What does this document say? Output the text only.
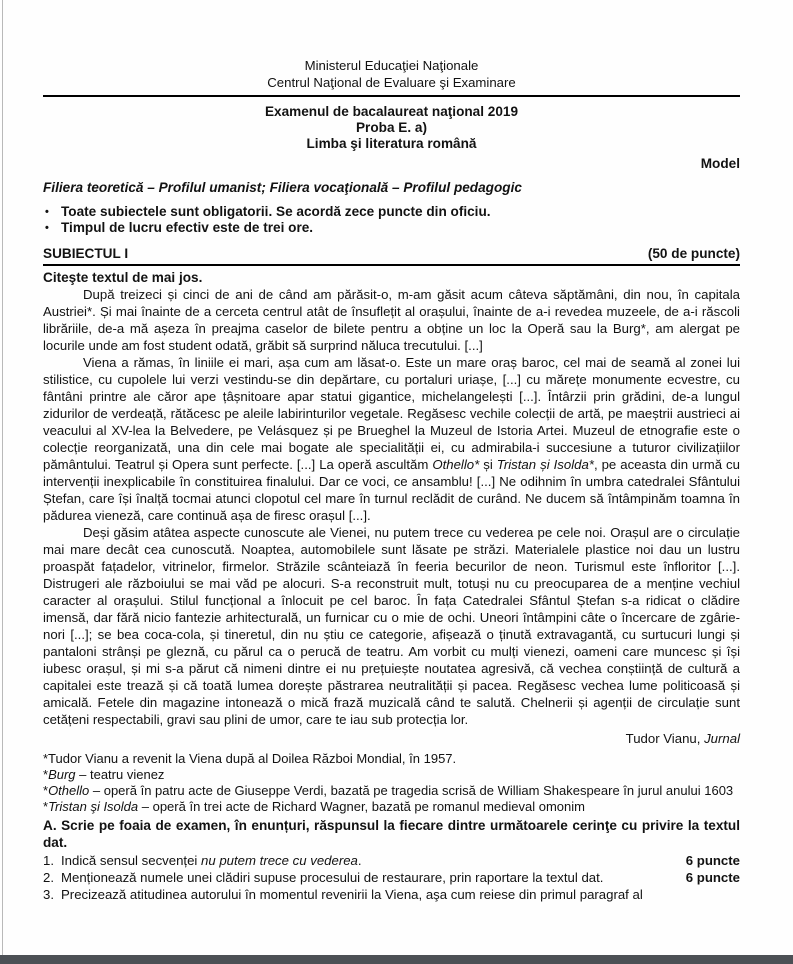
Ministerul Educaţiei Naţionale
Centrul Naţional de Evaluare şi Examinare
Examenul de bacalaureat naţional 2019
Proba E. a)
Limba şi literatura română
Model
Filiera teoretică – Profilul umanist; Filiera vocaţională – Profilul pedagogic
• Toate subiectele sunt obligatorii. Se acordă zece puncte din oficiu.
• Timpul de lucru efectiv este de trei ore.
SUBIECTUL I	(50 de puncte)
Citeşte textul de mai jos.

După treizeci și cinci de ani de când am părăsit-o, m-am găsit acum câteva săptămâni, din nou, în capitala Austriei*. Și mai înainte de a cerceta centrul atât de însuflețit al orașului, înainte de a-i revedea muzeele, de a-i răscoli librăriile, de-a mă așeza în preajma caselor de bilete pentru a obține un loc la Operă sau la Burg*, am alergat pe locurile unde am fost student odată, grăbit să surprind năluca trecutului. [...]

Viena a rămas, în liniile ei mari, așa cum am lăsat-o. Este un mare oraș baroc, cel mai de seamă al zonei lui stilistice, cu cupolele lui verzi vestindu-se din depărtare, cu portaluri uriașe, [...] cu mărețe monumente ecvestre, cu fântâni printre ale căror ape țâșnitoare apar statui gigantice, michelangelești [...]. Întârzii prin grădini, de-a lungul zidurilor de verdeață, rătăcesc pe aleile labirinturilor vegetale. Regăsesc vechile colecții de artă, pe maeștrii austrieci ai veacului al XV-lea la Belvedere, pe Velásquez și pe Brueghel la Muzeul de Istoria Artei. Muzeul de etnografie este o colecție reorganizată, una din cele mai bogate ale specialității ei, cu admirabila-i succesiune a tuturor civilizațiilor pământului. Teatrul și Opera sunt perfecte. [...] La operă ascultăm Othello* și Tristan și Isolda*, pe aceasta din urmă cu intervenții inexplicabile în constituirea finalului. Dar ce voci, ce ansamblu! [...] Ne odihnim în umbra catedralei Sfântului Ștefan, care își înalță tocmai atunci clopotul cel mare în turnul reclădit de curând. Ne ducem să întâmpinăm toamna în pădurea vieneză, care continuă așa de firesc orașul [...].

Deși găsim atâtea aspecte cunoscute ale Vienei, nu putem trece cu vederea pe cele noi. Orașul are o circulație mai mare decât cea cunoscută. Noaptea, automobilele sunt lăsate pe străzi. Materialele plastice noi dau un lustru proaspăt fațadelor, vitrinelor, firmelor. Străzile scânteiază în feeria becurilor de neon. Turismul este înfloritor [...]. Distrugeri ale războiului se mai văd pe alocuri. S-a reconstruit mult, totuși nu cu preocuparea de a menține vechiul caracter al orașului. Stilul funcțional a înlocuit pe cel baroc. În fața Catedralei Sfântul Ștefan s-a ridicat o clădire imensă, dar fără nicio fantezie arhitecturală, un furnicar cu o mie de ochi. Uneori întâmpini câte o încercare de zgârie-nori [...]; se bea coca-cola, și tineretul, din nu știu ce categorie, afișează o ținută extravagantă, cu surtucuri lungi și pantaloni strânși pe gleznă, cu părul ca o perucă de teatru. Am vorbit cu mulți vienezi, oameni care muncesc și își iubesc orașul, și mi s-a părut că nimeni dintre ei nu prețuiește noutatea agresivă, că vechea conștiință de cultură a capitalei este trează și că toată lumea dorește păstrarea neutralității și pacea. Regăsesc vechea lume politicoasă și amicală. Fetele din magazine intonează o mică frază muzicală când te salută. Chelnerii și agenții de circulație sunt cetățeni respectabili, gravi sau plini de umor, care te iau sub protecția lor.

Tudor Vianu, Jurnal
*Tudor Vianu a revenit la Viena după al Doilea Război Mondial, în 1957.
*Burg – teatru vienez
*Othello – operă în patru acte de Giuseppe Verdi, bazată pe tragedia scrisă de William Shakespeare în jurul anului 1603
*Tristan şi Isolda – operă în trei acte de Richard Wagner, bazată pe romanul medieval omonim
A. Scrie pe foaia de examen, în enunțuri, răspunsul la fiecare dintre următoarele cerinţe cu privire la textul dat.
1. Indică sensul secvenței nu putem trece cu vederea.	6 puncte
2. Menționează numele unei clădiri supuse procesului de restaurare, prin raportare la textul dat.	6 puncte
3. Precizează atitudinea autorului în momentul revenirii la Viena, aşa cum reiese din primul paragraf al
